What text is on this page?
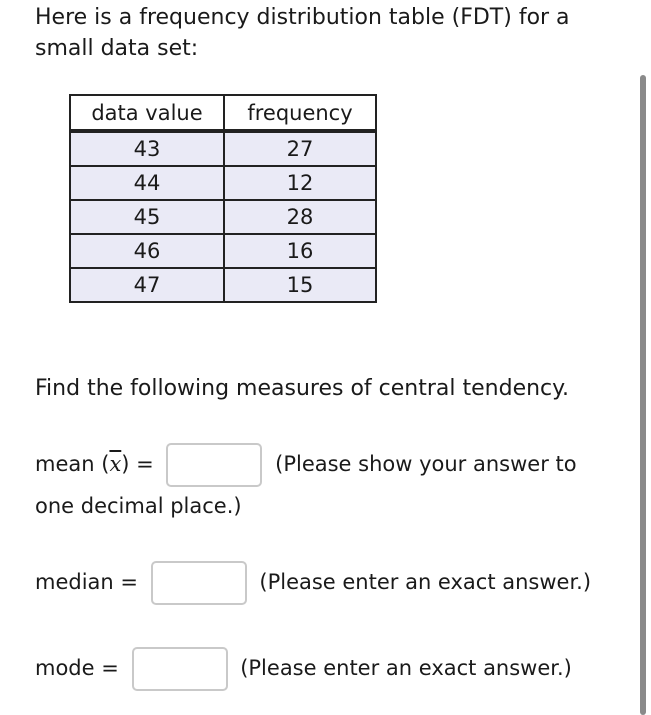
Here is a frequency distribution table (FDT) for a small data set:

data value	frequency
43	27
44	12
45	28
46	16
47	15

Find the following measures of central tendency.

mean $(\overline{x})$ =	(Please show your answer to
one decimal place.)
median =	(Please enter an exact answer.)
mode =	(Please enter an exact answer.)
